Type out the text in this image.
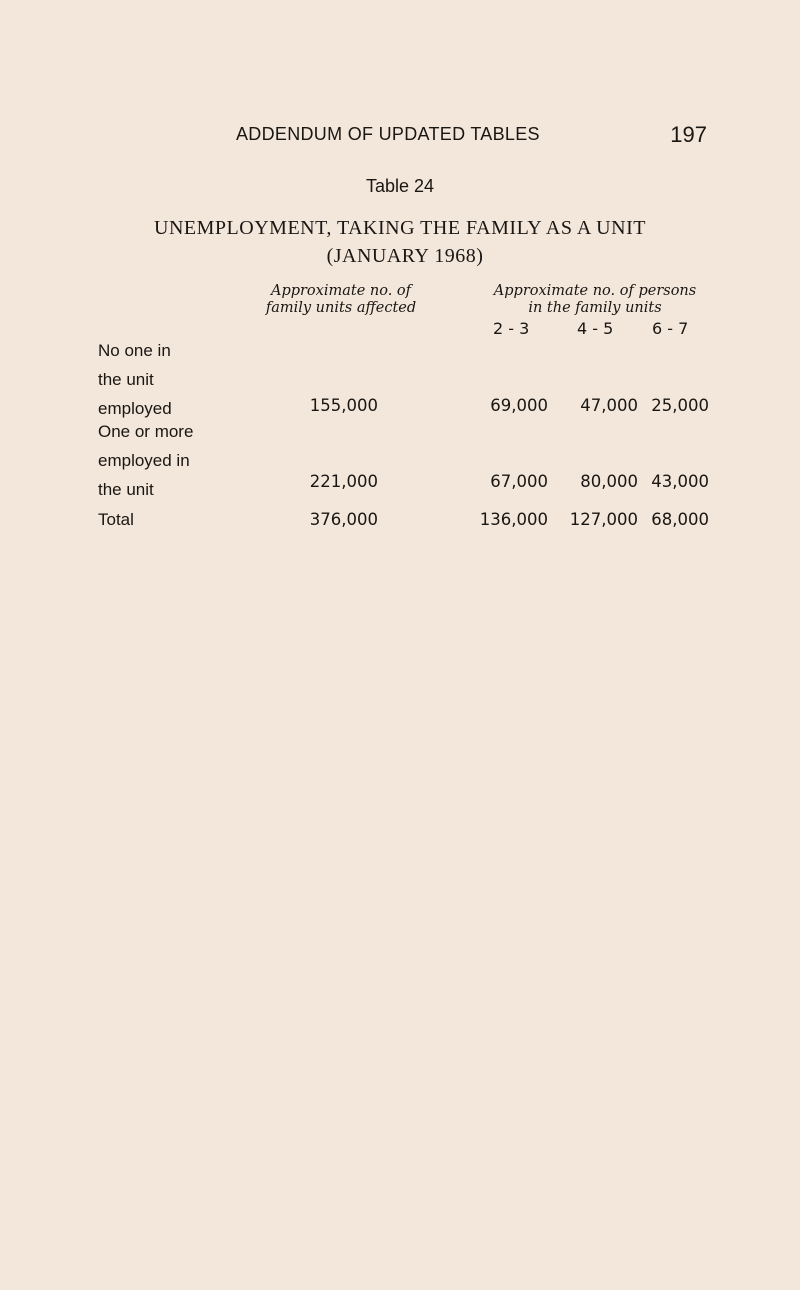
ADDENDUM OF UPDATED TABLES	197
Table 24
UNEMPLOYMENT, TAKING THE FAMILY AS A UNIT
(JANUARY 1968)
Approximate no. of
family units affected
Approximate no. of persons
in the family units
2 - 3	4 - 5 6 - 7
No one in
the unit
employed	155,000	69,000	47,000 25,000
One or more
employed in
the unit	221,000	67,000	80,000 43,000
Total	376,000	136,000	127,000 68,000
